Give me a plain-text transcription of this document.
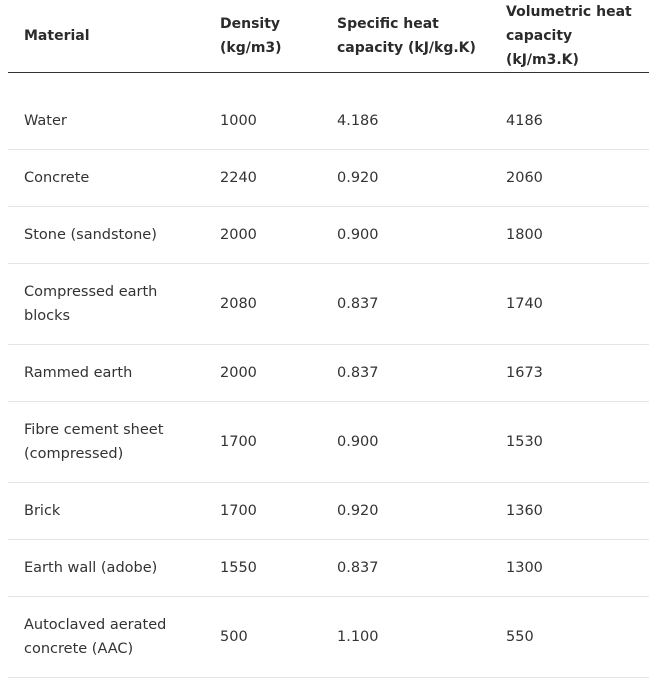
Material	Density (kg/m3)	Specific heat capacity (kJ/kg.K)	Volumetric heat capacity (kJ/m3.K)
Water	1000	4.186	4186
Concrete	2240	0.920	2060
Stone (sandstone)	2000	0.900	1800
Compressed earth blocks	2080	0.837	1740
Rammed earth	2000	0.837	1673
Fibre cement sheet (compressed)	1700	0.900	1530
Brick	1700	0.920	1360
Earth wall (adobe)	1550	0.837	1300
Autoclaved aerated concrete (AAC)	500	1.100	550
